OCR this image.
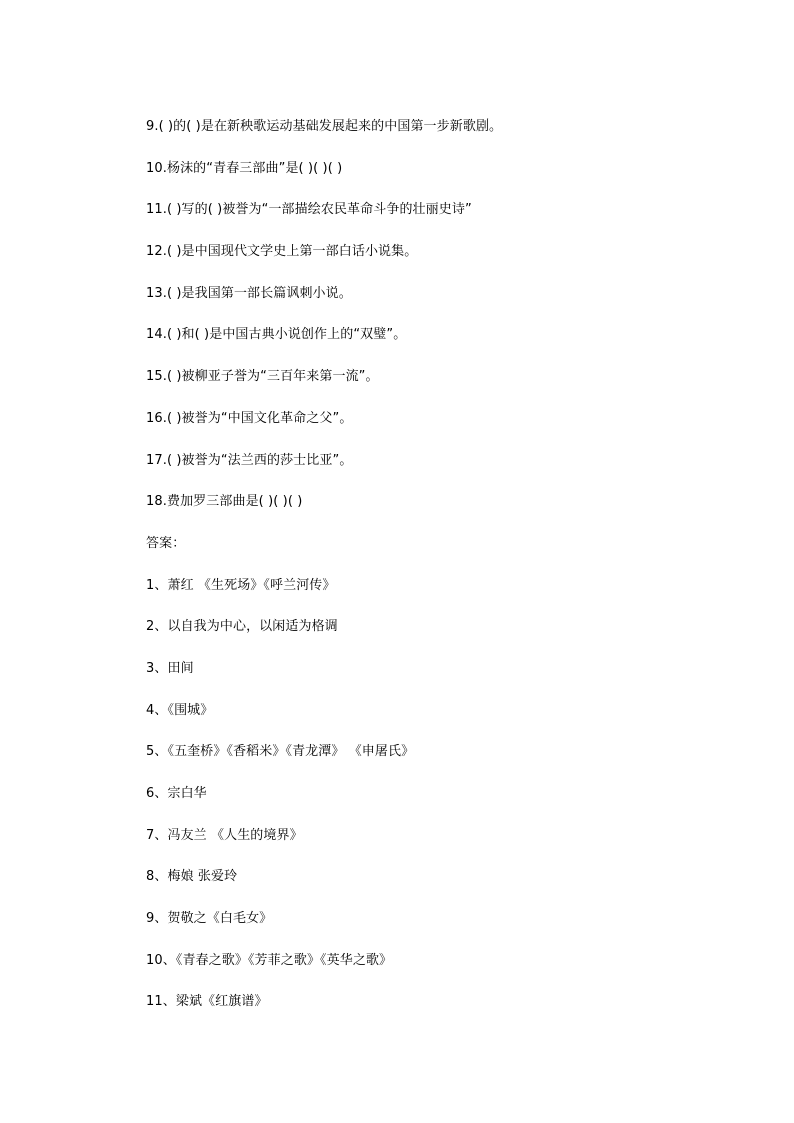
9.( )的( )是在新秧歌运动基础发展起来的中国第一步新歌剧。
10.杨沫的“青春三部曲”是( )( )( )
11.( )写的( )被誉为“一部描绘农民革命斗争的壮丽史诗”
12.( )是中国现代文学史上第一部白话小说集。
13.( )是我国第一部长篇讽刺小说。
14.( )和( )是中国古典小说创作上的“双璧”。
15.( )被柳亚子誉为“三百年来第一流”。
16.( )被誉为“中国文化革命之父”。
17.( )被誉为“法兰西的莎士比亚”。
18.费加罗三部曲是( )( )( )
答案：
1、萧红 《生死场》《呼兰河传》
2、以自我为中心，以闲适为格调
3、田间
4、《围城》
5、《五奎桥》《香稻米》《青龙潭》 《申屠氏》
6、宗白华
7、冯友兰 《人生的境界》
8、梅娘 张爱玲
9、贺敬之《白毛女》
10、《青春之歌》《芳菲之歌》《英华之歌》
11、梁斌《红旗谱》
